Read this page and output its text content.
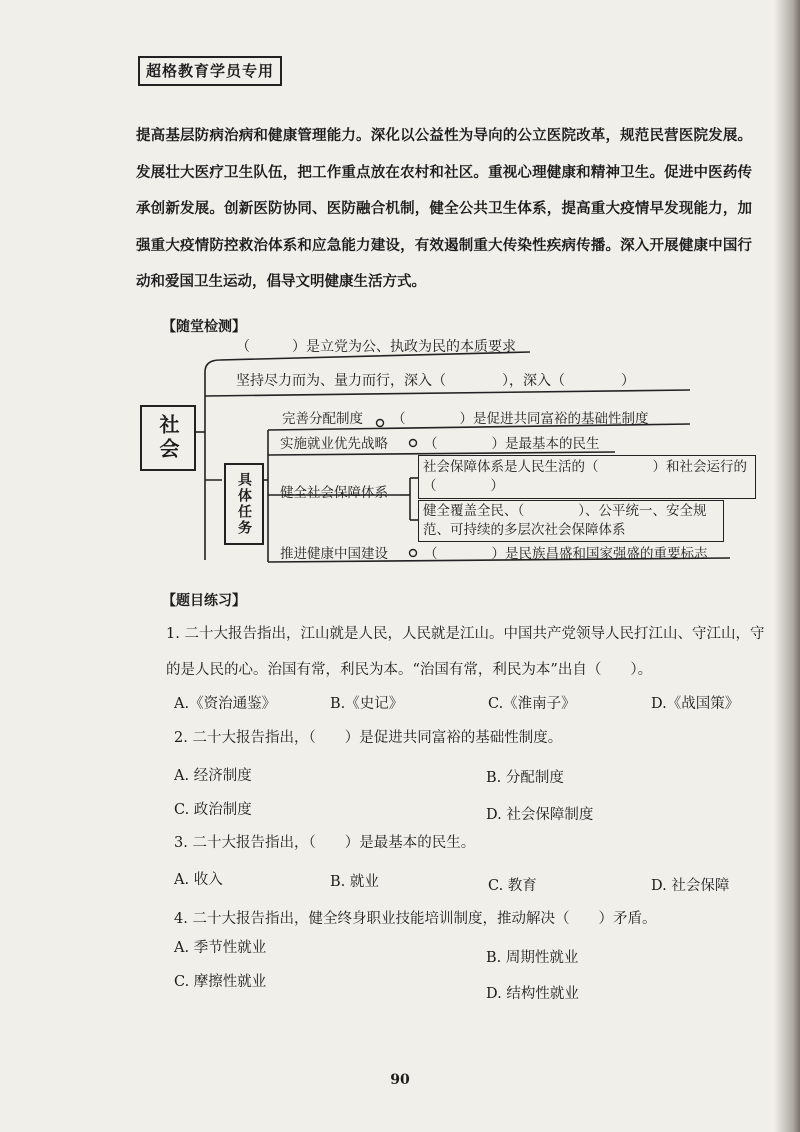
超格教育学员专用
提高基层防病治病和健康管理能力。深化以公益性为导向的公立医院改革，规范民营医院发展。发展壮大医疗卫生队伍，把工作重点放在农村和社区。重视心理健康和精神卫生。促进中医药传承创新发展。创新医防协同、医防融合机制，健全公共卫生体系，提高重大疫情早发现能力，加强重大疫情防控救治体系和应急能力建设，有效遏制重大传染性疾病传播。深入开展健康中国行动和爱国卫生运动，倡导文明健康生活方式。
【随堂检测】
社会
（　　　）是立党为公、执政为民的本质要求
坚持尽力而为、量力而行，深入（　　　　），深入（　　　　）
具体任务
完善分配制度 （　　　　）是促进共同富裕的基础性制度
实施就业优先战略	（　　　　）是最基本的民生
健全社会保障体系
社会保障体系是人民生活的（　　　　）和社会运行的（　　　　）
健全覆盖全民、（　　　　）、公平统一、安全规范、可持续的多层次社会保障体系
推进健康中国建设	（　　　　）是民族昌盛和国家强盛的重要标志
【题目练习】
1. 二十大报告指出，江山就是人民，人民就是江山。中国共产党领导人民打江山、守江山，守的是人民的心。治国有常，利民为本。“治国有常，利民为本”出自（　　）。
A.《资治通鉴》	B.《史记》	C.《淮南子》	D.《战国策》
2. 二十大报告指出，（　　）是促进共同富裕的基础性制度。
A. 经济制度	B. 分配制度
C. 政治制度	D. 社会保障制度
3. 二十大报告指出，（　　）是最基本的民生。
A. 收入	B. 就业	C. 教育	D. 社会保障
4. 二十大报告指出，健全终身职业技能培训制度，推动解决（　　）矛盾。
A. 季节性就业
B. 周期性就业
C. 摩擦性就业
D. 结构性就业
90
